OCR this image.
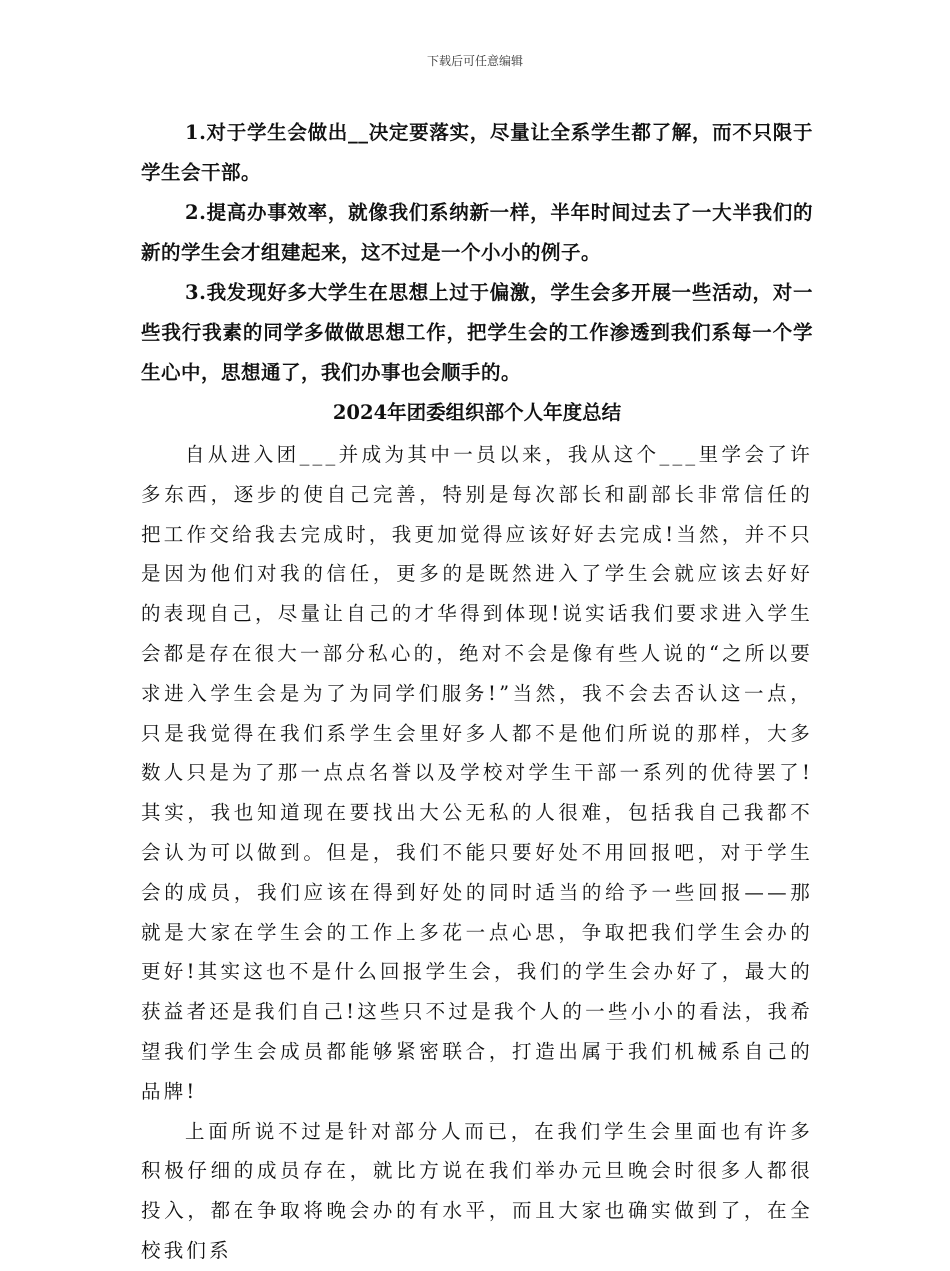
下载后可任意编辑

1.对于学生会做出__决定要落实，尽量让全系学生都了解，而不只限于学生会干部。

2.提高办事效率，就像我们系纳新一样，半年时间过去了一大半我们的新的学生会才组建起来，这不过是一个小小的例子。

3.我发现好多大学生在思想上过于偏激，学生会多开展一些活动，对一些我行我素的同学多做做思想工作，把学生会的工作渗透到我们系每一个学生心中，思想通了，我们办事也会顺手的。

2024年团委组织部个人年度总结

自从进入团___并成为其中一员以来，我从这个___里学会了许多东西，逐步的使自己完善，特别是每次部长和副部长非常信任的把工作交给我去完成时，我更加觉得应该好好去完成!当然，并不只是因为他们对我的信任，更多的是既然进入了学生会就应该去好好的表现自己，尽量让自己的才华得到体现!说实话我们要求进入学生会都是存在很大一部分私心的，绝对不会是像有些人说的“之所以要求进入学生会是为了为同学们服务!”当然，我不会去否认这一点，只是我觉得在我们系学生会里好多人都不是他们所说的那样，大多数人只是为了那一点点名誉以及学校对学生干部一系列的优待罢了!其实，我也知道现在要找出大公无私的人很难，包括我自己我都不会认为可以做到。但是，我们不能只要好处不用回报吧，对于学生会的成员，我们应该在得到好处的同时适当的给予一些回报——那就是大家在学生会的工作上多花一点心思，争取把我们学生会办的更好!其实这也不是什么回报学生会，我们的学生会办好了，最大的获益者还是我们自己!这些只不过是我个人的一些小小的看法，我希望我们学生会成员都能够紧密联合，打造出属于我们机械系自己的品牌!

上面所说不过是针对部分人而已，在我们学生会里面也有许多积极仔细的成员存在，就比方说在我们举办元旦晚会时很多人都很投入，都在争取将晚会办的有水平，而且大家也确实做到了，在全校我们系
